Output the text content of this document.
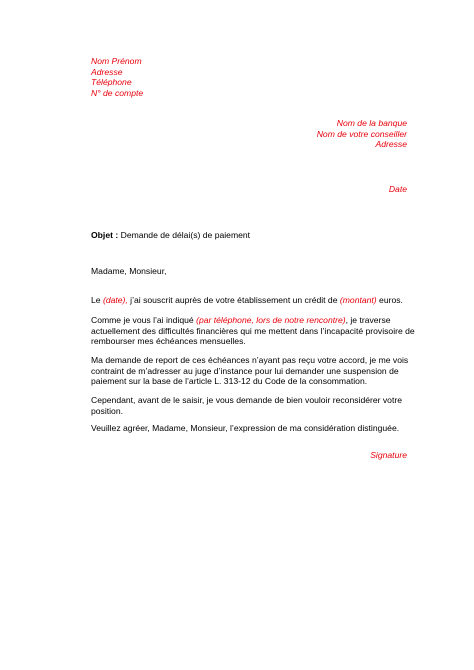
Nom Prénom
Adresse
Téléphone
N° de compte
Nom de la banque
Nom de votre conseiller
Adresse
Date
Objet : Demande de délai(s) de paiement
Madame, Monsieur,
Le (date), j’ai souscrit auprès de votre établissement un crédit de (montant) euros.
Comme je vous l’ai indiqué (par téléphone, lors de notre rencontre), je traverse
actuellement des difficultés financières qui me mettent dans l’incapacité provisoire de
rembourser mes échéances mensuelles.
Ma demande de report de ces échéances n’ayant pas reçu votre accord, je me vois
contraint de m’adresser au juge d’instance pour lui demander une suspension de
paiement sur la base de l’article L. 313-12 du Code de la consommation.
Cependant, avant de le saisir, je vous demande de bien vouloir reconsidérer votre
position.
Veuillez agréer, Madame, Monsieur, l’expression de ma considération distinguée.
Signature
